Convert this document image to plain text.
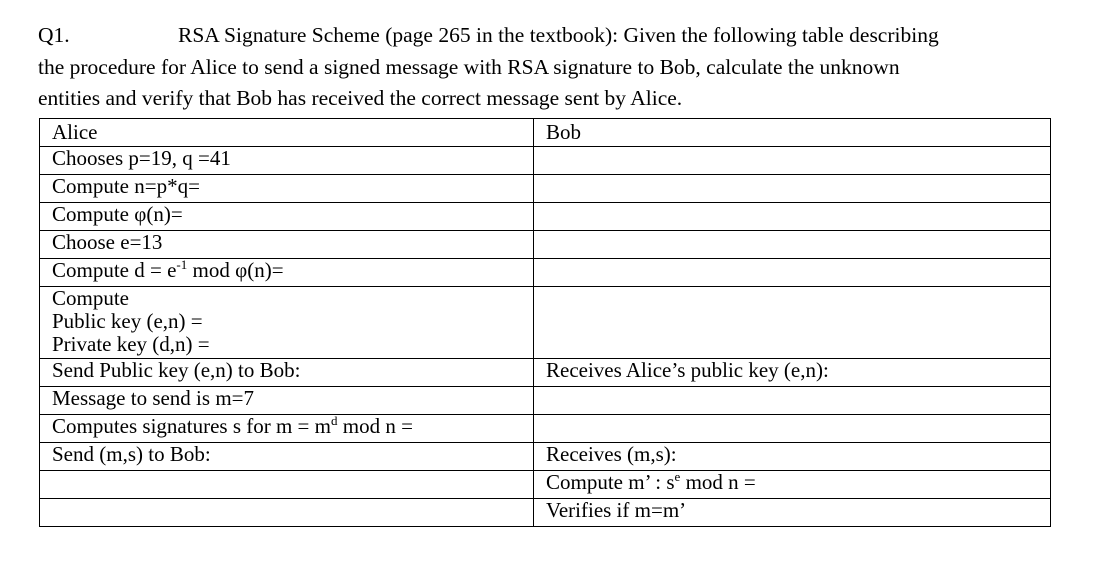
Q1.	RSA Signature Scheme (page 265 in the textbook): Given the following table describing
the procedure for Alice to send a signed message with RSA signature to Bob, calculate the unknown
entities and verify that Bob has received the correct message sent by Alice.
Alice	Bob
Chooses p=19, q =41	
Compute n=p*q=	
Compute φ(n)=	
Choose e=13	
Compute $d = e^{-1}$ mod φ(n)=	

Compute
Public key (e,n) =
Private key (d,n) =	

Send Public key (e,n) to Bob:	Receives Alice’s public key (e,n):
Message to send is m=7	
Computes signatures s for $m = m^d$ mod n =	
Send (m,s) to Bob:	Receives (m,s):

	Compute m’ : $s^e$ mod n =
	Verifies if m=m’
